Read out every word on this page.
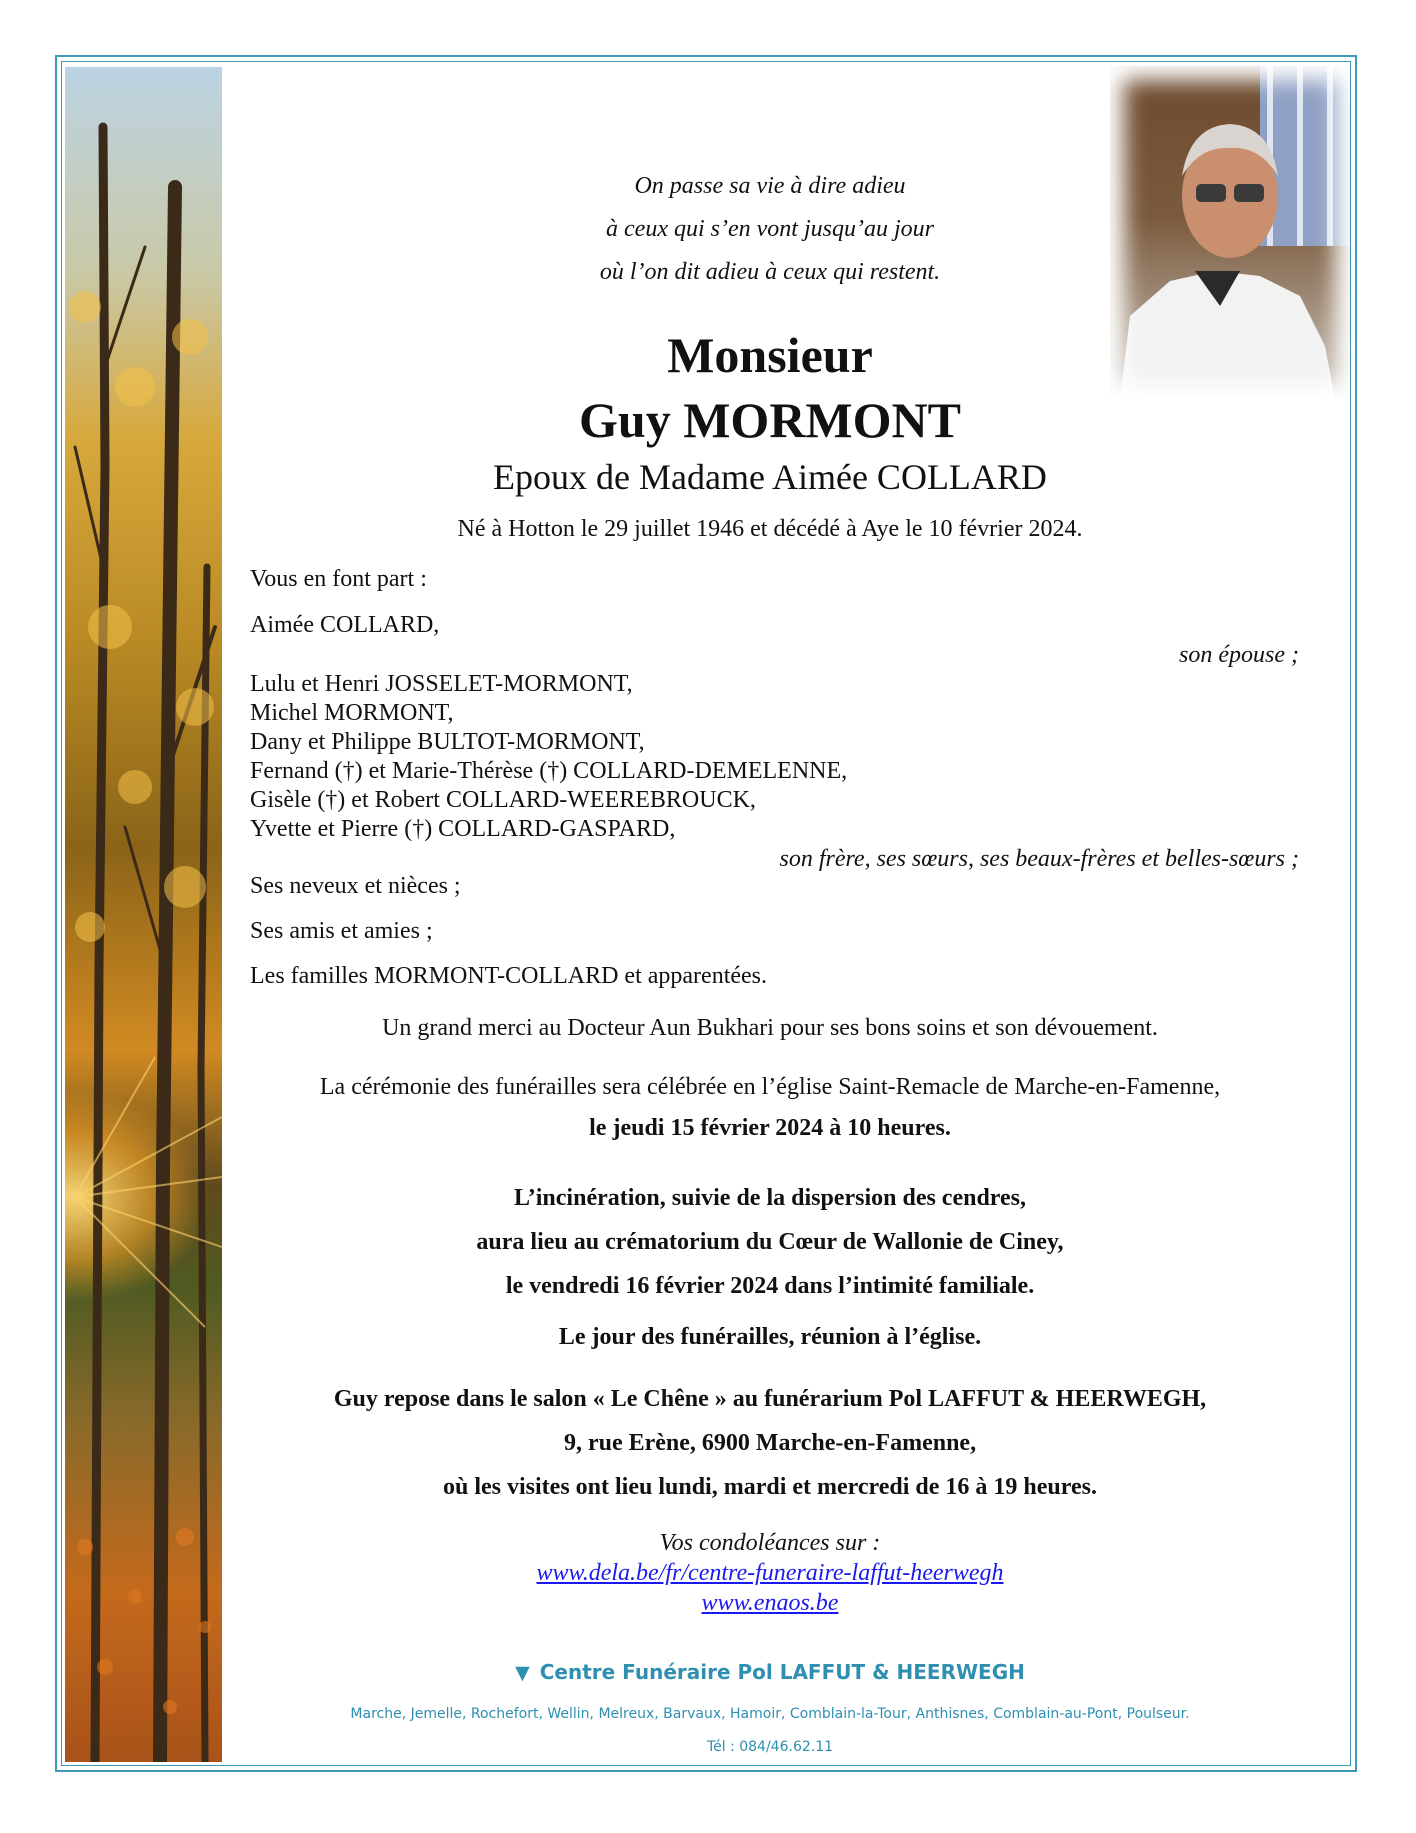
On passe sa vie à dire adieu
à ceux qui s’en vont jusqu’au jour
où l’on dit adieu à ceux qui restent.
Monsieur
Guy MORMONT
Epoux de Madame Aimée COLLARD
Né à Hotton le 29 juillet 1946 et décédé à Aye le 10 février 2024.
Vous en font part :
Aimée COLLARD,
son épouse ;
Lulu et Henri JOSSELET-MORMONT,
Michel MORMONT,
Dany et Philippe BULTOT-MORMONT,
Fernand (†) et Marie-Thérèse (†) COLLARD-DEMELENNE,
Gisèle (†) et Robert COLLARD-WEEREBROUCK,
Yvette et Pierre (†) COLLARD-GASPARD,
son frère, ses sœurs, ses beaux-frères et belles-sœurs ;
Ses neveux et nièces ;
Ses amis et amies ;
Les familles MORMONT-COLLARD et apparentées.
Un grand merci au Docteur Aun Bukhari pour ses bons soins et son dévouement.
La cérémonie des funérailles sera célébrée en l’église Saint-Remacle de Marche-en-Famenne,
le jeudi 15 février 2024 à 10 heures.
L’incinération, suivie de la dispersion des cendres,
aura lieu au crématorium du Cœur de Wallonie de Ciney,
le vendredi 16 février 2024 dans l’intimité familiale.
Le jour des funérailles, réunion à l’église.
Guy repose dans le salon « Le Chêne » au funérarium Pol LAFFUT & HEERWEGH,
9, rue Erène, 6900 Marche-en-Famenne,
où les visites ont lieu lundi, mardi et mercredi de 16 à 19 heures.
Vos condoléances sur :
www.dela.be/fr/centre-funeraire-laffut-heerwegh
www.enaos.be
▼ Centre Funéraire Pol LAFFUT & HEERWEGH
Marche, Jemelle, Rochefort, Wellin, Melreux, Barvaux, Hamoir, Comblain-la-Tour, Anthisnes, Comblain-au-Pont, Poulseur.
Tél : 084/46.62.11
